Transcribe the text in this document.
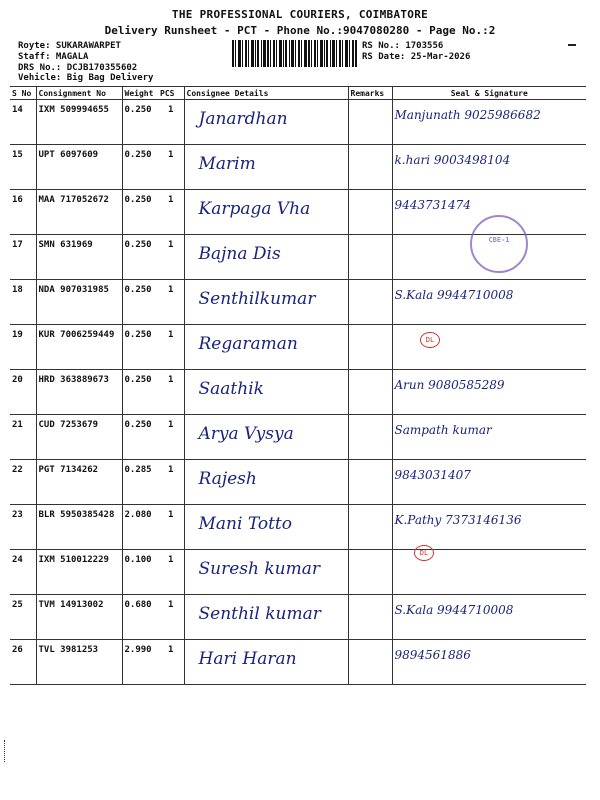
THE PROFESSIONAL COURIERS, COIMBATORE
Delivery Runsheet - PCT - Phone No.:9047080280 - Page No.:2
Royte: SUKARAWARPET
Staff: MAGALA
DRS No.: DCJB170355602
Vehicle: Big Bag Delivery
RS No.: 1703556
RS Date: 25-Mar-2026
S No	Consignment No	Weight	PCS	Consignee Details	Remarks	Seal & Signature
14	IXM 509994655	0.250	1	Janardhan		Manjunath 9025986682
15	UPT 6097609	0.250	1	Marim		k.hari 9003498104
16	MAA 717052672	0.250	1	Karpaga Vha		9443731474
17	SMN 631969	0.250	1	Bajna Dis		
18	NDA 907031985	0.250	1	Senthilkumar		S.Kala 9944710008
19	KUR 7006259449	0.250	1	Regaraman		
20	HRD 363889673	0.250	1	Saathik		Arun 9080585289
21	CUD 7253679	0.250	1	Arya Vysya		Sampath kumar
22	PGT 7134262	0.285	1	Rajesh		9843031407
23	BLR 5950385428	2.080	1	Mani Totto		K.Pathy 7373146136
24	IXM 510012229	0.100	1	Suresh kumar		
25	TVM 14913002	0.680	1	Senthil kumar		S.Kala 9944710008
26	TVL 3981253	2.990	1	Hari Haran		9894561886
CBE-1
DL
DL
